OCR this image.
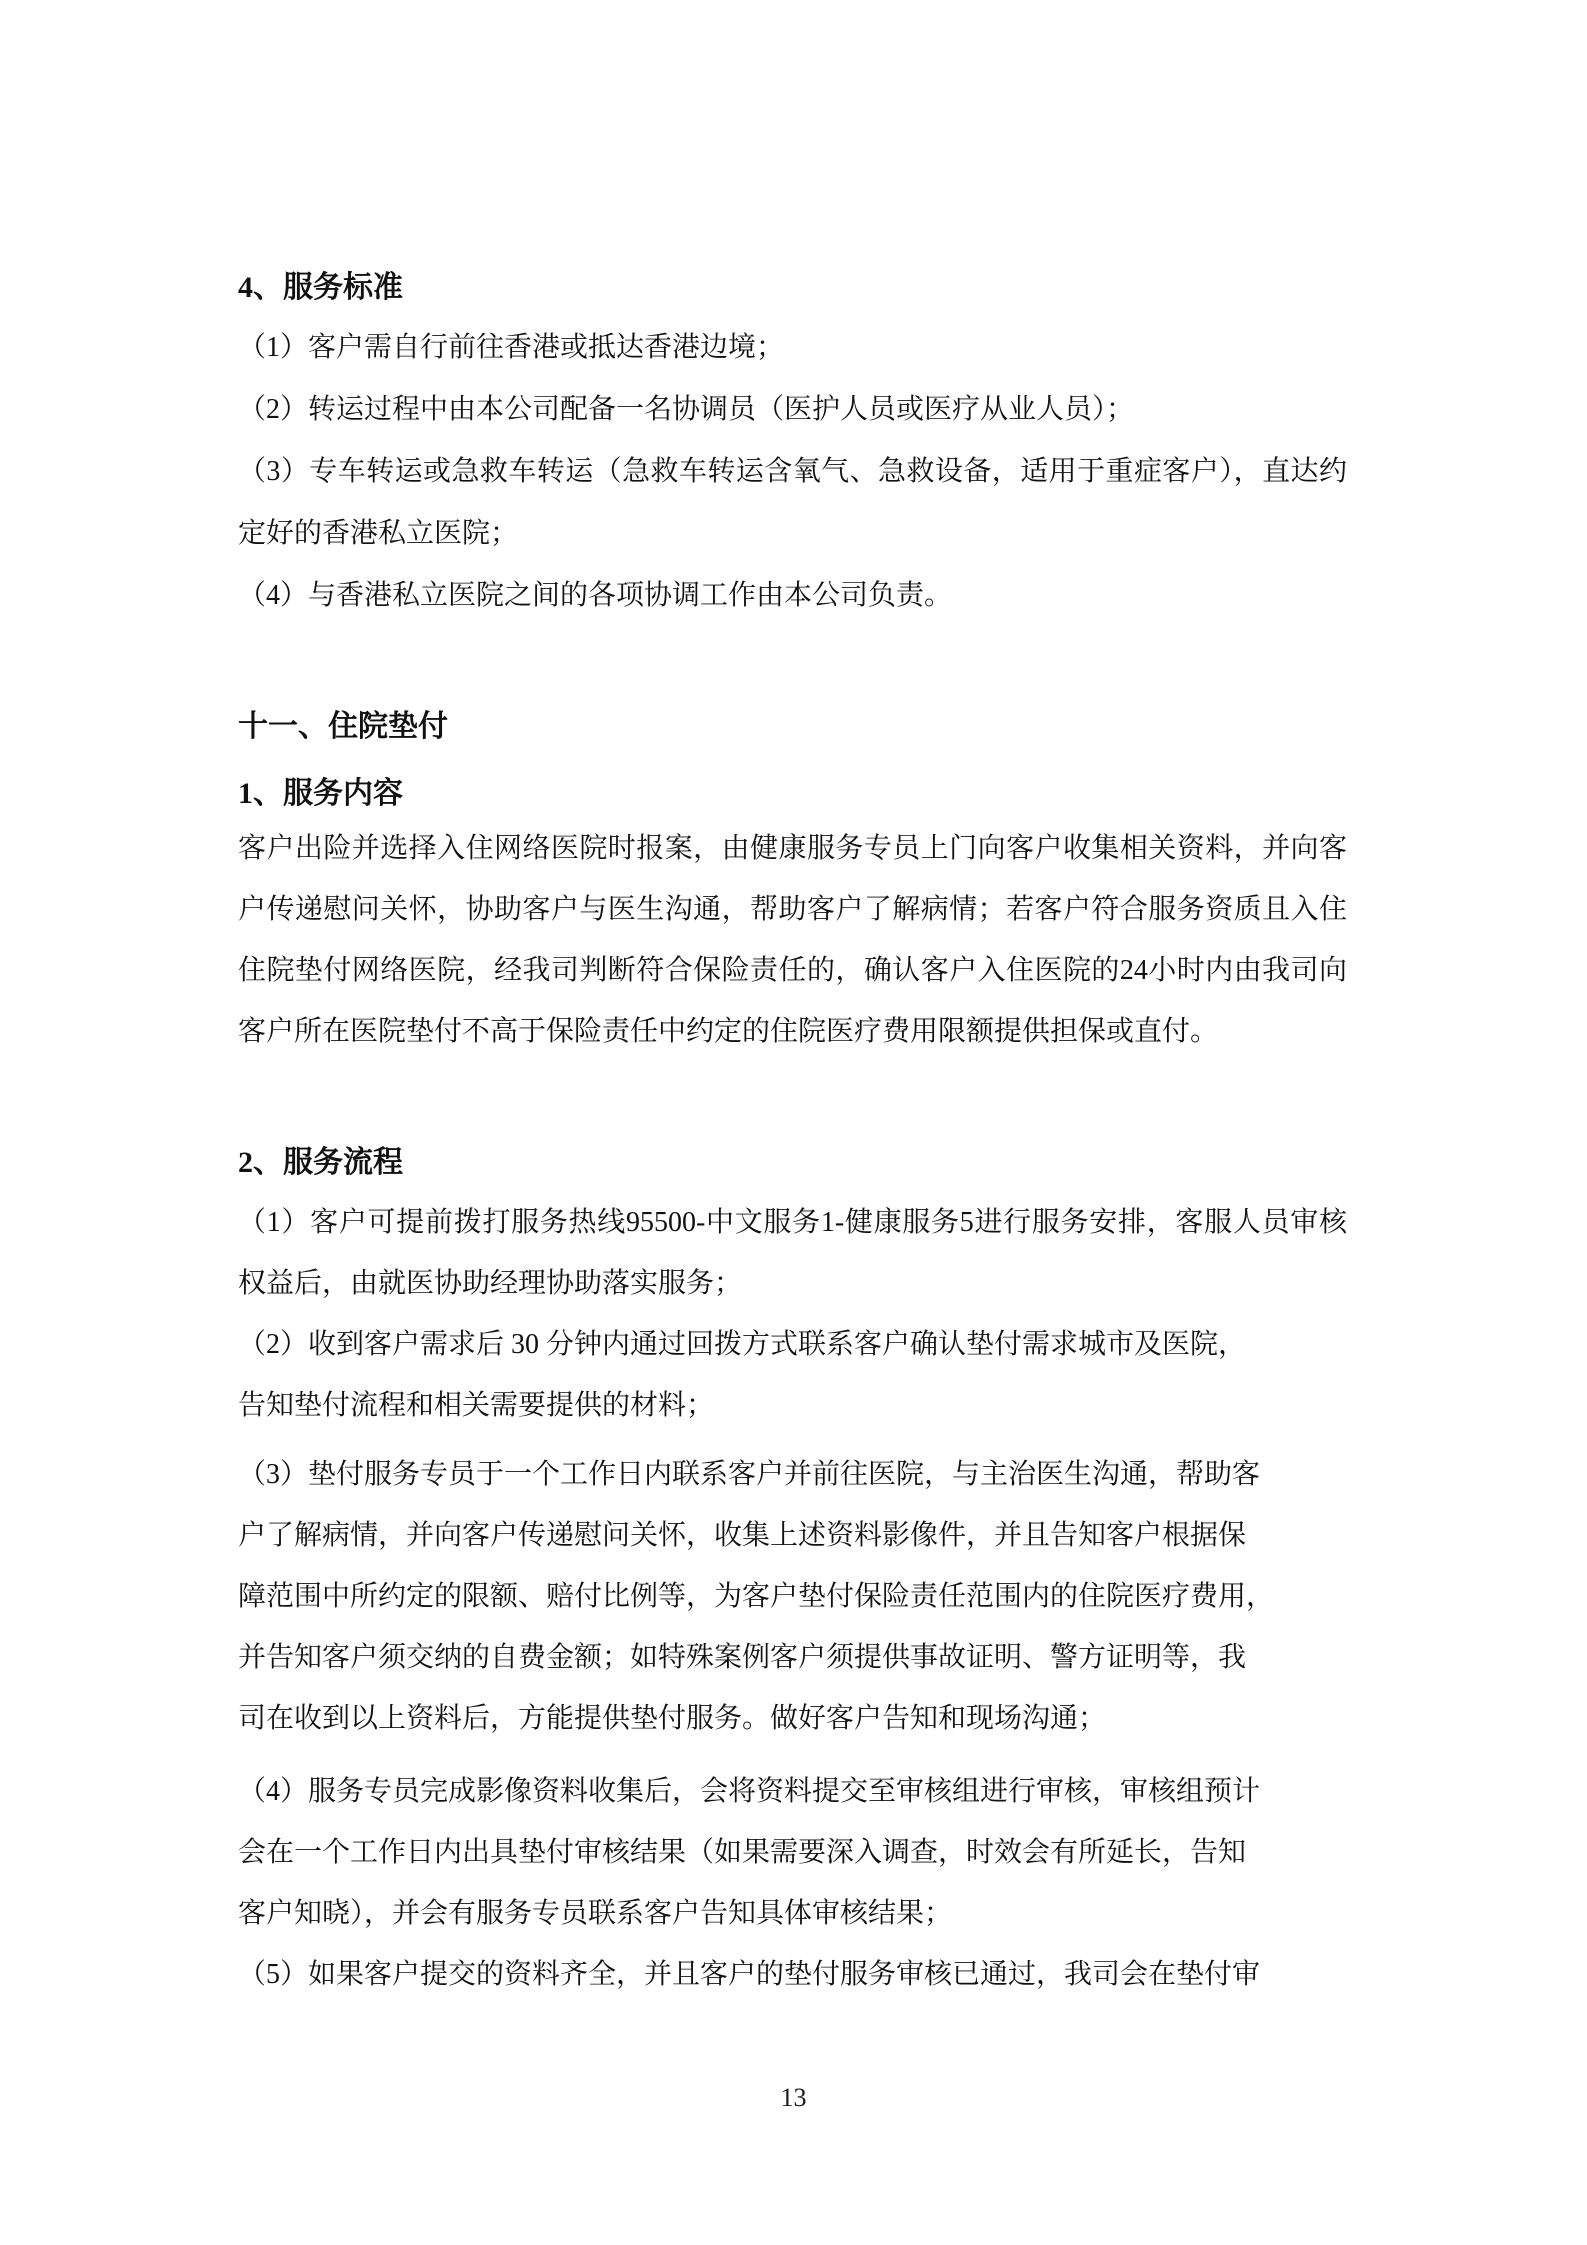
4、服务标准
（1）客户需自行前往香港或抵达香港边境；
（2）转运过程中由本公司配备一名协调员（医护人员或医疗从业人员）；
（3）专车转运或急救车转运（急救车转运含氧气、急救设备，适用于重症客户），直达约
定好的香港私立医院；
（4）与香港私立医院之间的各项协调工作由本公司负责。
十一、住院垫付
1、服务内容
客户出险并选择入住网络医院时报案，由健康服务专员上门向客户收集相关资料，并向客
户传递慰问关怀，协助客户与医生沟通，帮助客户了解病情；若客户符合服务资质且入住
住院垫付网络医院，经我司判断符合保险责任的，确认客户入住医院的24小时内由我司向
客户所在医院垫付不高于保险责任中约定的住院医疗费用限额提供担保或直付。
2、服务流程
（1）客户可提前拨打服务热线95500-中文服务1-健康服务5进行服务安排，客服人员审核
权益后，由就医协助经理协助落实服务；
（2）收到客户需求后 30 分钟内通过回拨方式联系客户确认垫付需求城市及医院，
告知垫付流程和相关需要提供的材料；
（3）垫付服务专员于一个工作日内联系客户并前往医院，与主治医生沟通，帮助客
户了解病情，并向客户传递慰问关怀，收集上述资料影像件，并且告知客户根据保
障范围中所约定的限额、赔付比例等，为客户垫付保险责任范围内的住院医疗费用，
并告知客户须交纳的自费金额；如特殊案例客户须提供事故证明、警方证明等，我
司在收到以上资料后，方能提供垫付服务。做好客户告知和现场沟通；
（4）服务专员完成影像资料收集后，会将资料提交至审核组进行审核，审核组预计
会在一个工作日内出具垫付审核结果（如果需要深入调查，时效会有所延长，告知
客户知晓），并会有服务专员联系客户告知具体审核结果；
（5）如果客户提交的资料齐全，并且客户的垫付服务审核已通过，我司会在垫付审
13
